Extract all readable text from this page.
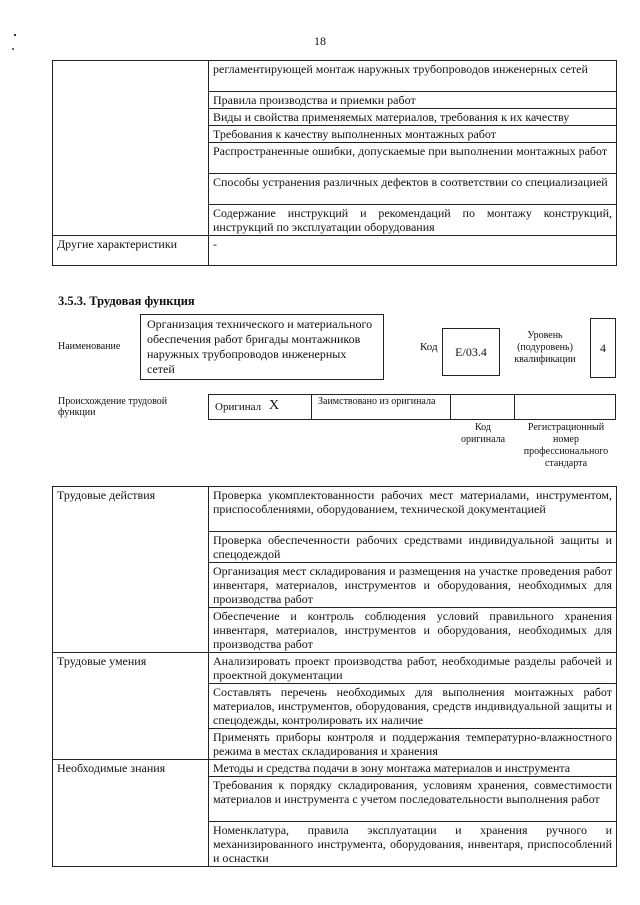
18
	регламентирующей монтаж наружных трубопроводов инженерных сетей
	Правила производства и приемки работ
	Виды и свойства применяемых материалов, требования к их качеству
	Требования к качеству выполненных монтажных работ
	Распространенные ошибки, допускаемые при выполнении монтажных работ
	Способы устранения различных дефектов в соответствии со специализацией
	Содержание инструкций и рекомендаций по монтажу конструкций, инструкций по эксплуатации оборудования
Другие характеристики	-
3.5.3. Трудовая функция
Наименование
Организация технического и материального обеспечения работ бригады монтажников наружных трубопроводов инженерных сетей
Код	E/03.4
Уровень (подуровень) квалификации
4
Происхождение трудовой функции	Оригинал X	Заимствовано из оригинала
Код оригинала
Регистрационный номер профессионального стандарта
Трудовые действия	Проверка укомплектованности рабочих мест материалами, инструментом, приспособлениями, оборудованием, технической документацией
	Проверка обеспеченности рабочих средствами индивидуальной защиты и спецодеждой
	Организация мест складирования и размещения на участке проведения работ инвентаря, материалов, инструментов и оборудования, необходимых для производства работ
	Обеспечение и контроль соблюдения условий правильного хранения инвентаря, материалов, инструментов и оборудования, необходимых для производства работ
Трудовые умения	Анализировать проект производства работ, необходимые разделы рабочей и проектной документации
	Составлять перечень необходимых для выполнения монтажных работ материалов, инструментов, оборудования, средств индивидуальной защиты и спецодежды, контролировать их наличие
	Применять приборы контроля и поддержания температурно-влажностного режима в местах складирования и хранения
Необходимые знания	Методы и средства подачи в зону монтажа материалов и инструмента
	Требования к порядку складирования, условиям хранения, совместимости материалов и инструмента с учетом последовательности выполнения работ
	Номенклатура, правила эксплуатации и хранения ручного и механизированного инструмента, оборудования, инвентаря, приспособлений и оснастки
